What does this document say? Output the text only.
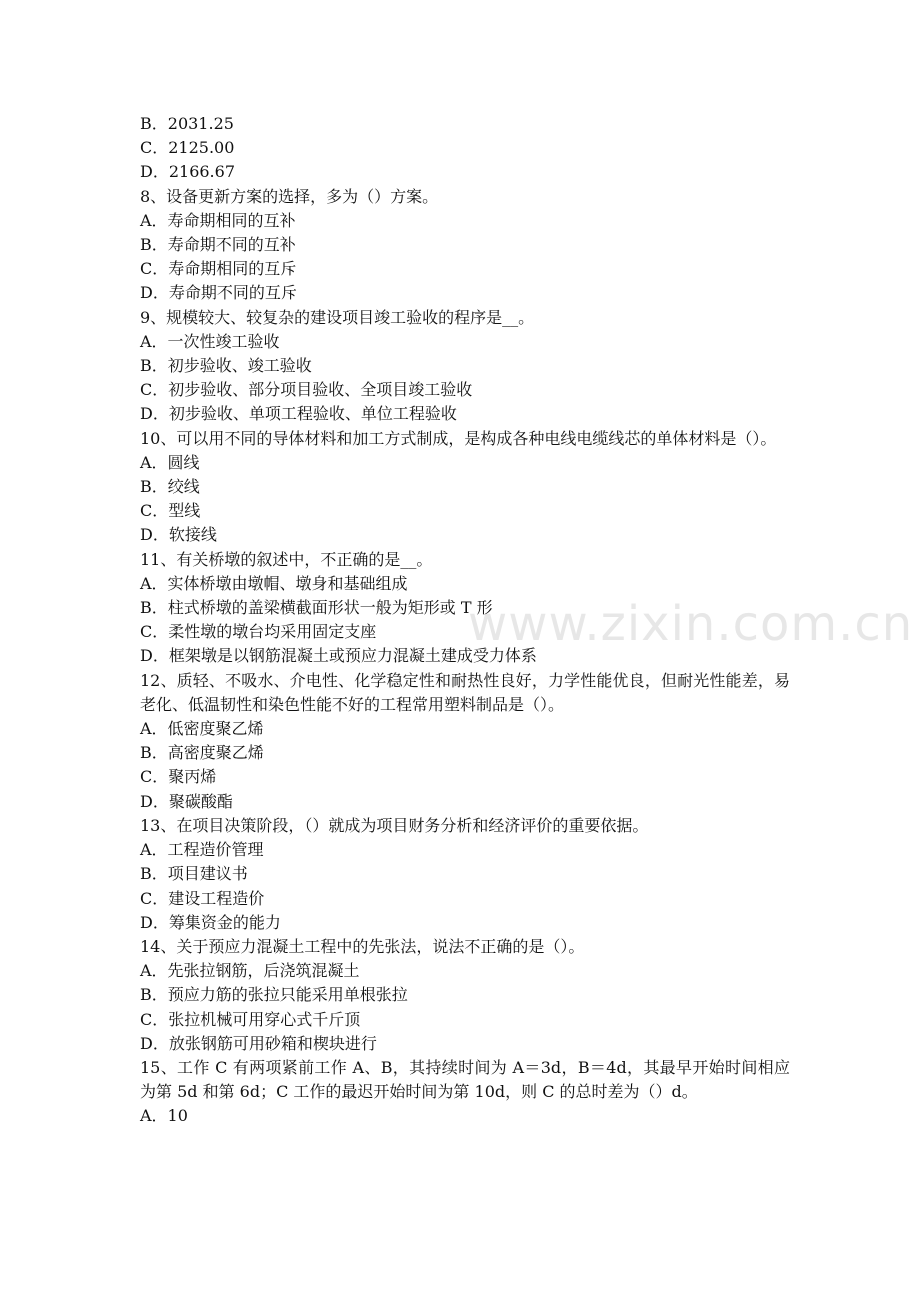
www.zixin.com.cn
B．2031.25
C．2125.00
D．2166.67
8、设备更新方案的选择，多为（）方案。
A．寿命期相同的互补
B．寿命期不同的互补
C．寿命期相同的互斥
D．寿命期不同的互斥
9、规模较大、较复杂的建设项目竣工验收的程序是__。
A．一次性竣工验收
B．初步验收、竣工验收
C．初步验收、部分项目验收、全项目竣工验收
D．初步验收、单项工程验收、单位工程验收
10、可以用不同的导体材料和加工方式制成，是构成各种电线电缆线芯的单体材料是（）。
A．圆线
B．绞线
C．型线
D．软接线
11、有关桥墩的叙述中，不正确的是__。
A．实体桥墩由墩帽、墩身和基础组成
B．柱式桥墩的盖梁横截面形状一般为矩形或 T 形
C．柔性墩的墩台均采用固定支座
D．框架墩是以钢筋混凝土或预应力混凝土建成受力体系
12、质轻、不吸水、介电性、化学稳定性和耐热性良好，力学性能优良，但耐光性能差，易老化、低温韧性和染色性能不好的工程常用塑料制品是（）。
A．低密度聚乙烯
B．高密度聚乙烯
C．聚丙烯
D．聚碳酸酯
13、在项目决策阶段，（）就成为项目财务分析和经济评价的重要依据。
A．工程造价管理
B．项目建议书
C．建设工程造价
D．筹集资金的能力
14、关于预应力混凝土工程中的先张法，说法不正确的是（）。
A．先张拉钢筋，后浇筑混凝土
B．预应力筋的张拉只能采用单根张拉
C．张拉机械可用穿心式千斤顶
D．放张钢筋可用砂箱和楔块进行
15、工作 C 有两项紧前工作 A、B，其持续时间为 A＝3d，B＝4d，其最早开始时间相应为第 5d 和第 6d；C 工作的最迟开始时间为第 10d，则 C 的总时差为（）d。
A．10
